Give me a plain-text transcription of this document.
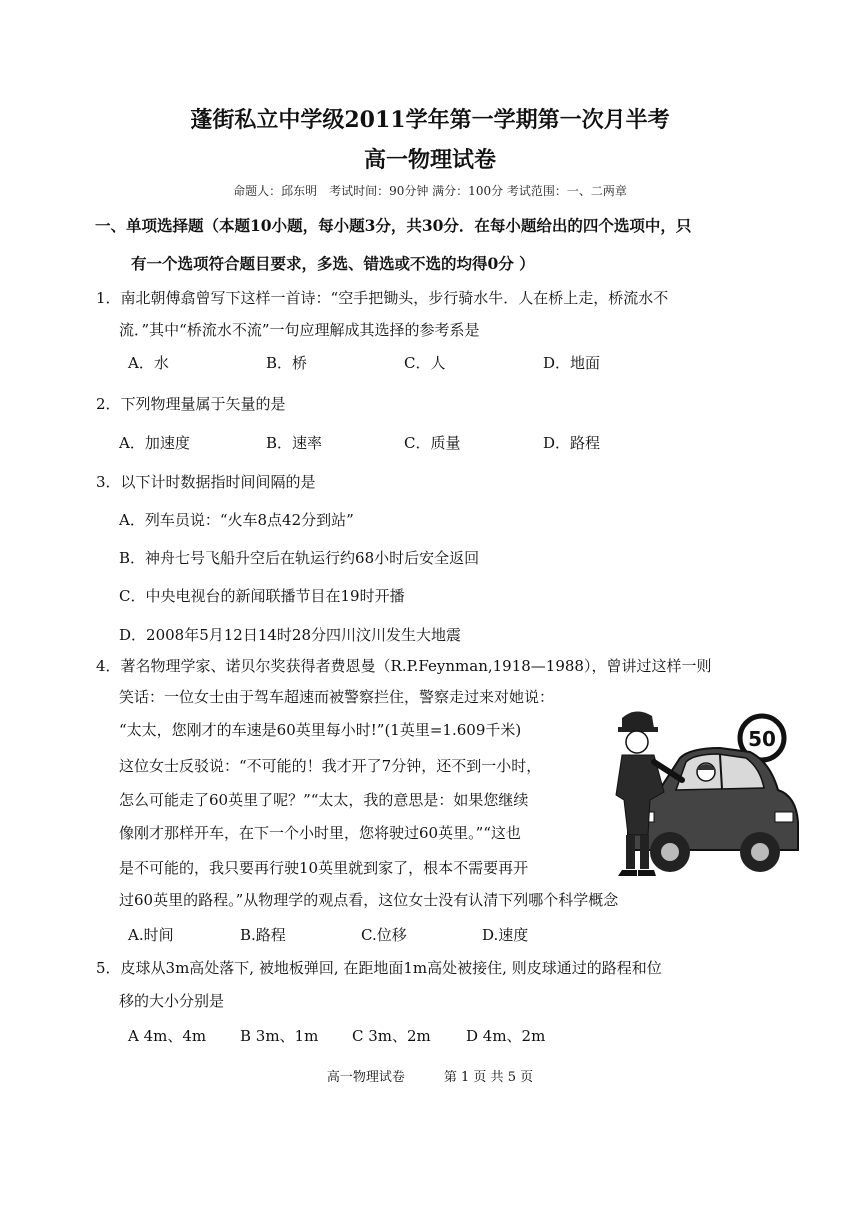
蓬街私立中学级2011学年第一学期第一次月半考
高一物理试卷
命题人：邱东明　考试时间：90分钟 满分：100分 考试范围：一、二两章
一、单项选择题（本题10小题，每小题3分，共30分．在每小题给出的四个选项中，只
有一个选项符合题目要求，多选、错选或不选的均得0分 ）
1．南北朝傅翕曾写下这样一首诗：“空手把锄头，步行骑水牛．人在桥上走，桥流水不
流．”其中“桥流水不流”一句应理解成其选择的参考系是
A．水	B．桥	C．人	D．地面
2．下列物理量属于矢量的是
A．加速度	B．速率	C．质量	D．路程
3．以下计时数据指时间间隔的是
A．列车员说：“火车8点42分到站”
B．神舟七号飞船升空后在轨运行约68小时后安全返回
C．中央电视台的新闻联播节目在19时开播
D．2008年5月12日14时28分四川汶川发生大地震
4．著名物理学家、诺贝尔奖获得者费恩曼（R.P.Feynman,1918—1988），曾讲过这样一则
笑话：一位女士由于驾车超速而被警察拦住，警察走过来对她说：
“太太，您刚才的车速是60英里每小时!”(1英里=1.609千米)
这位女士反驳说：“不可能的！我才开了7分钟，还不到一小时，
怎么可能走了60英里了呢？”“太太，我的意思是：如果您继续
像刚才那样开车，在下一个小时里，您将驶过60英里。”“这也
是不可能的，我只要再行驶10英里就到家了，根本不需要再开
过60英里的路程。”从物理学的观点看，这位女士没有认清下列哪个科学概念
A.时间	B.路程	C.位移	D.速度
50
5．皮球从3m高处落下, 被地板弹回, 在距地面1m高处被接住, 则皮球通过的路程和位
移的大小分别是
A 4m、4m B 3m、1m C 3m、2m D 4m、2m
高一物理试卷　　　第 1 页 共 5 页
